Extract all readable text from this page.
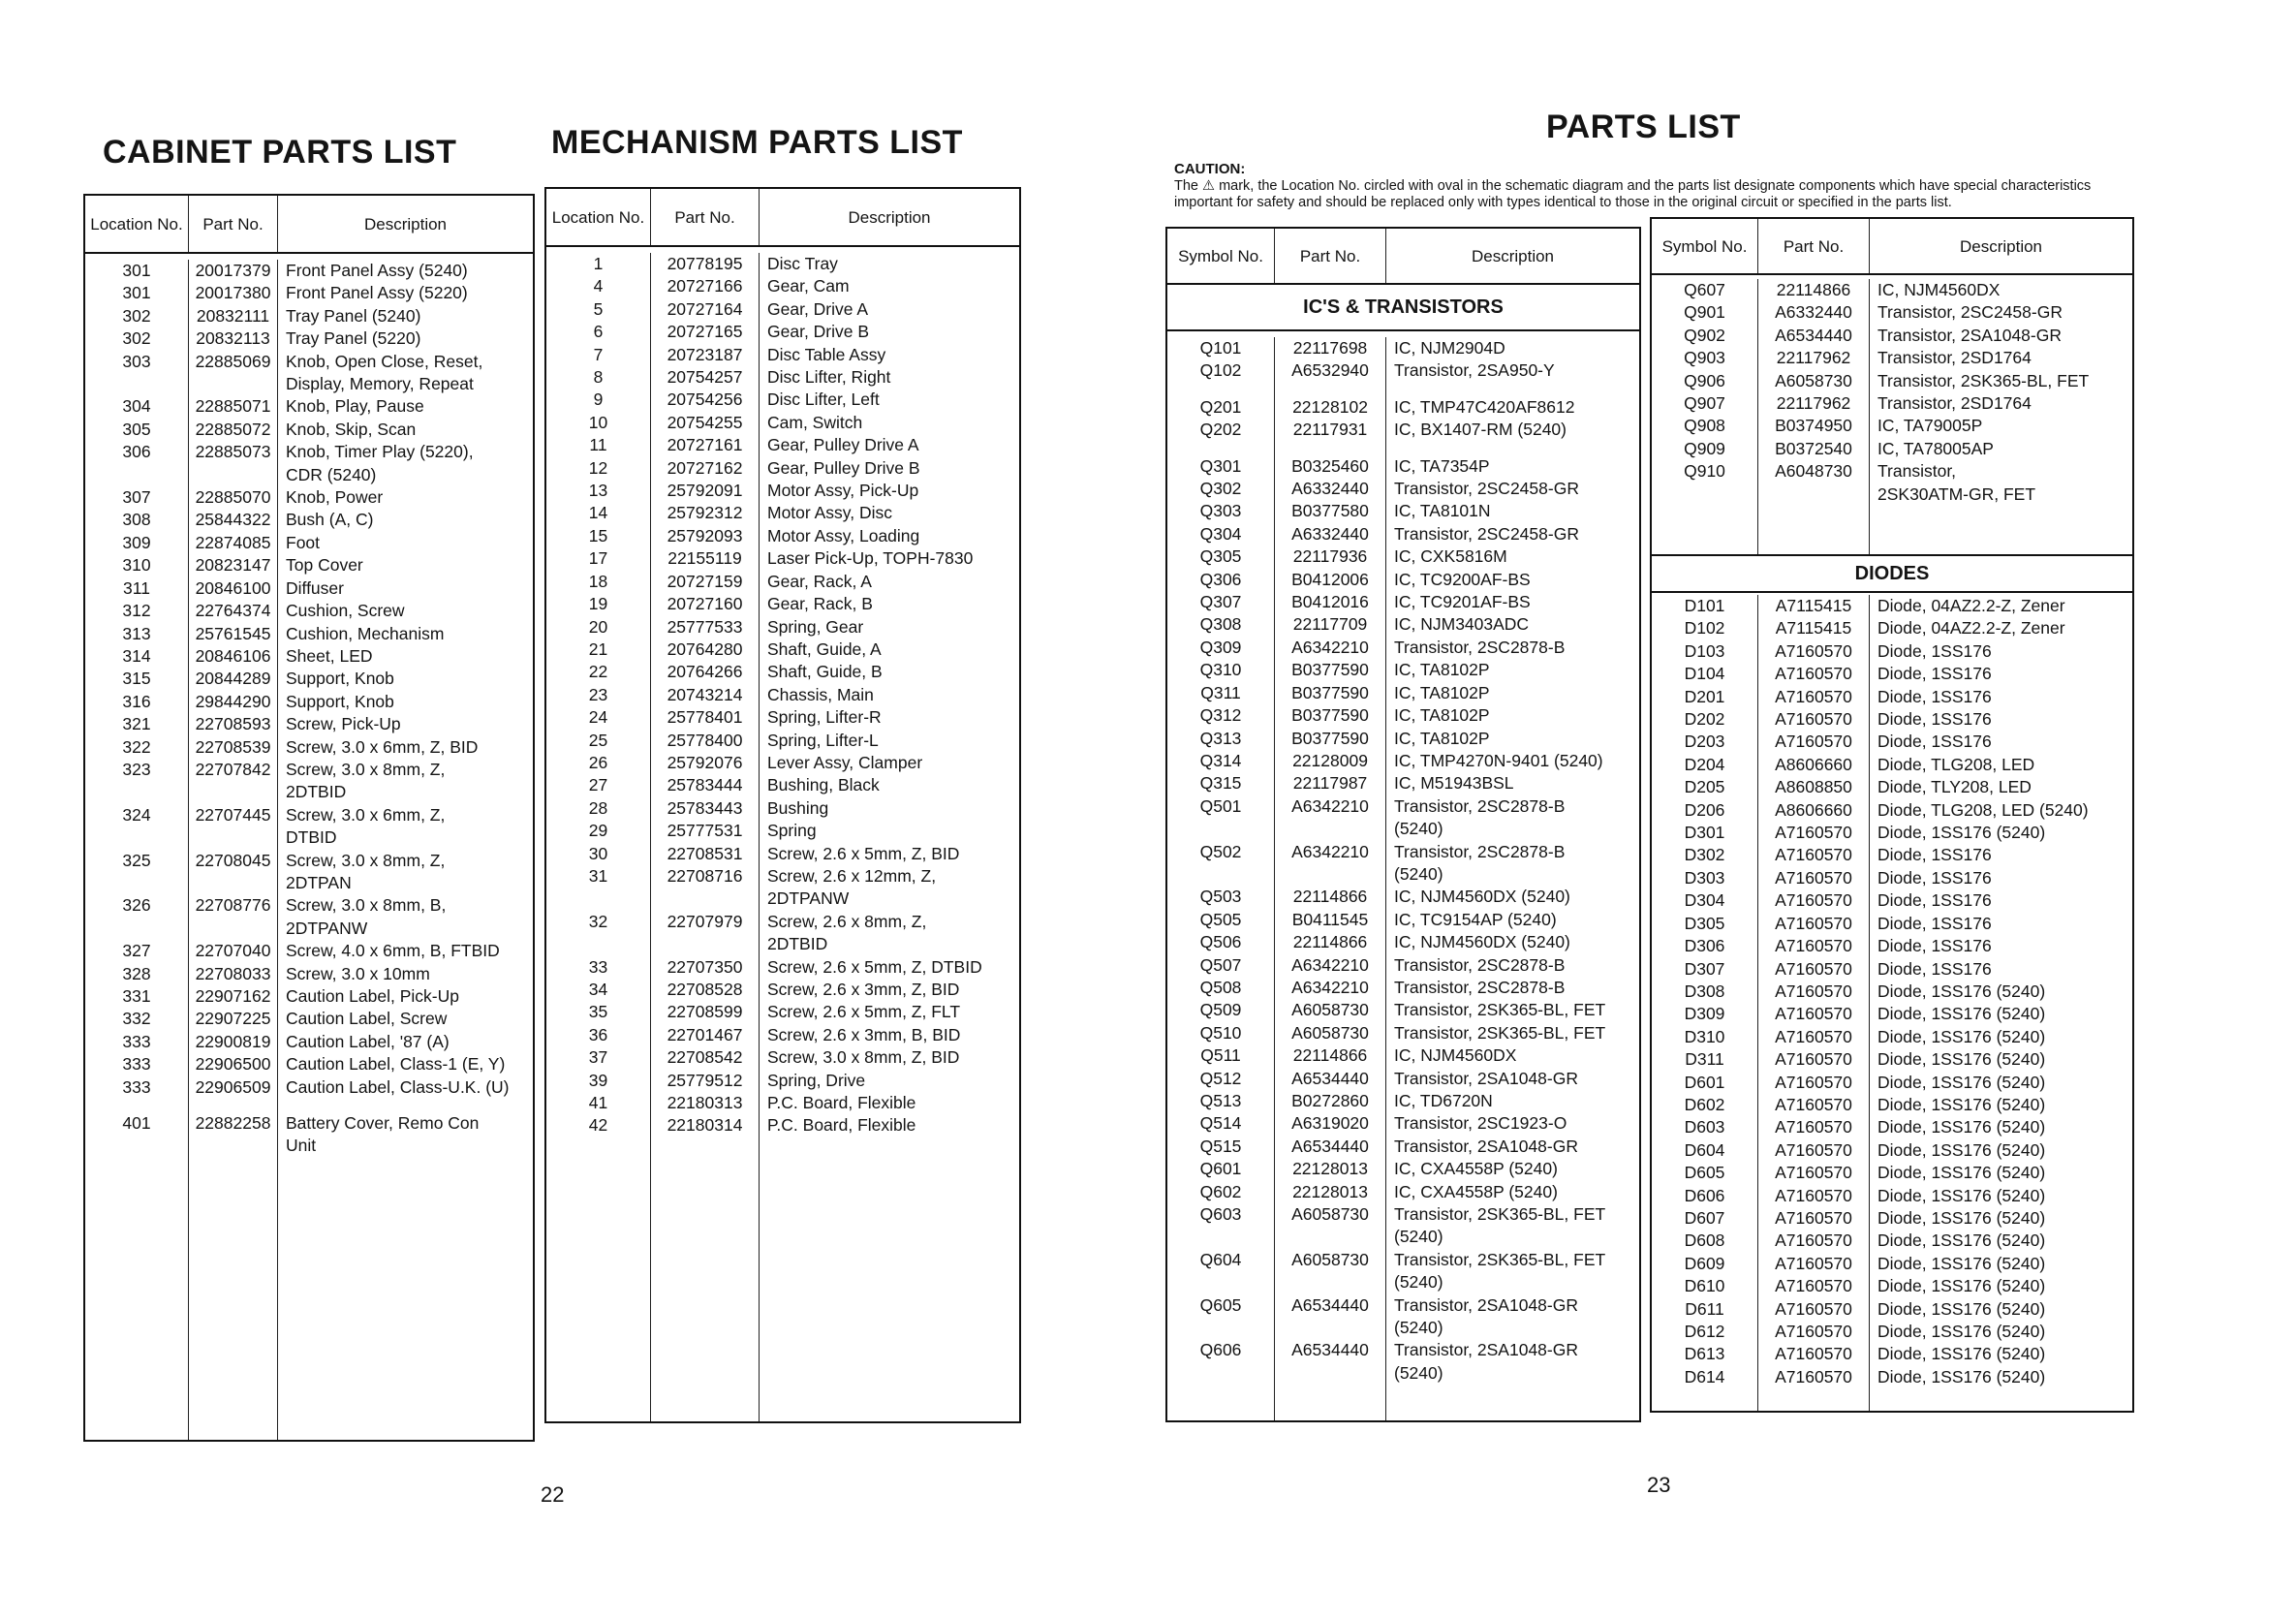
CABINET PARTS LIST	MECHANISM PARTS LIST	PARTS LIST
CAUTION:
The ⚠ mark, the Location No. circled with oval in the schematic diagram and the parts list designate components which have special characteristics important for safety and should be replaced only with types identical to those in the original circuit or specified in the parts list.
Location No.	Part No.	Description
301	20017379 Front Panel Assy (5240)
301	20017380 Front Panel Assy (5220)
302	20832111 Tray Panel (5240)
302	20832113 Tray Panel (5220)
303	22885069 Knob, Open Close, Reset,
Display, Memory, Repeat
304	22885071 Knob, Play, Pause
305	22885072 Knob, Skip, Scan
306	22885073 Knob, Timer Play (5220),
CDR (5240)
307	22885070 Knob, Power
308	25844322 Bush (A, C)
309	22874085 Foot
310	20823147 Top Cover
311	20846100 Diffuser
312	22764374 Cushion, Screw
313	25761545 Cushion, Mechanism
314	20846106 Sheet, LED
315	20844289 Support, Knob
316	29844290 Support, Knob
321	22708593 Screw, Pick-Up
322	22708539 Screw, 3.0 x 6mm, Z, BID
323	22707842 Screw, 3.0 x 8mm, Z,
2DTBID
324	22707445 Screw, 3.0 x 6mm, Z,
DTBID
325	22708045 Screw, 3.0 x 8mm, Z,
2DTPAN
326	22708776 Screw, 3.0 x 8mm, B,
2DTPANW
327	22707040 Screw, 4.0 x 6mm, B, FTBID
328	22708033 Screw, 3.0 x 10mm
331	22907162 Caution Label, Pick-Up
332	22907225 Caution Label, Screw
333	22900819 Caution Label, '87 (A)
333	22906500 Caution Label, Class-1 (E, Y)
333	22906509 Caution Label, Class-U.K. (U)
401	22882258 Battery Cover, Remo Con
Unit
Location No.	Part No.	Description
1	20778195	Disc Tray
4	20727166	Gear, Cam
5	20727164	Gear, Drive A
6	20727165	Gear, Drive B
7	20723187	Disc Table Assy
8	20754257	Disc Lifter, Right
9	20754256	Disc Lifter, Left
10	20754255	Cam, Switch
11	20727161	Gear, Pulley Drive A
12	20727162	Gear, Pulley Drive B
13	25792091	Motor Assy, Pick-Up
14	25792312	Motor Assy, Disc
15	25792093	Motor Assy, Loading
17	22155119	Laser Pick-Up, TOPH-7830
18	20727159	Gear, Rack, A
19	20727160	Gear, Rack, B
20	25777533	Spring, Gear
21	20764280	Shaft, Guide, A
22	20764266	Shaft, Guide, B
23	20743214	Chassis, Main
24	25778401	Spring, Lifter-R
25	25778400	Spring, Lifter-L
26	25792076	Lever Assy, Clamper
27	25783444	Bushing, Black
28	25783443	Bushing
29	25777531	Spring
30	22708531	Screw, 2.6 x 5mm, Z, BID
31	22708716	Screw, 2.6 x 12mm, Z,
2DTPANW
32	22707979	Screw, 2.6 x 8mm, Z,
2DTBID
33	22707350	Screw, 2.6 x 5mm, Z, DTBID
34	22708528	Screw, 2.6 x 3mm, Z, BID
35	22708599	Screw, 2.6 x 5mm, Z, FLT
36	22701467	Screw, 2.6 x 3mm, B, BID
37	22708542	Screw, 3.0 x 8mm, Z, BID
39	25779512	Spring, Drive
41	22180313	P.C. Board, Flexible
42	22180314	P.C. Board, Flexible
Symbol No.	Part No.	Description
IC'S & TRANSISTORS
Q101	22117698	IC, NJM2904D
Q102	A6532940	Transistor, 2SA950-Y
Q201	22128102	IC, TMP47C420AF8612
Q202	22117931	IC, BX1407-RM (5240)
Q301	B0325460	IC, TA7354P
Q302	A6332440	Transistor, 2SC2458-GR
Q303	B0377580	IC, TA8101N
Q304	A6332440	Transistor, 2SC2458-GR
Q305	22117936	IC, CXK5816M
Q306	B0412006	IC, TC9200AF-BS
Q307	B0412016	IC, TC9201AF-BS
Q308	22117709	IC, NJM3403ADC
Q309	A6342210	Transistor, 2SC2878-B
Q310	B0377590	IC, TA8102P
Q311	B0377590	IC, TA8102P
Q312	B0377590	IC, TA8102P
Q313	B0377590	IC, TA8102P
Q314	22128009	IC, TMP4270N-9401 (5240)
Q315	22117987	IC, M51943BSL
Q501	A6342210	Transistor, 2SC2878-B
(5240)
Q502	A6342210	Transistor, 2SC2878-B
(5240)
Q503	22114866	IC, NJM4560DX (5240)
Q505	B0411545	IC, TC9154AP (5240)
Q506	22114866	IC, NJM4560DX (5240)
Q507	A6342210	Transistor, 2SC2878-B
Q508	A6342210	Transistor, 2SC2878-B
Q509	A6058730	Transistor, 2SK365-BL, FET
Q510	A6058730	Transistor, 2SK365-BL, FET
Q511	22114866	IC, NJM4560DX
Q512	A6534440	Transistor, 2SA1048-GR
Q513	B0272860	IC, TD6720N
Q514	A6319020	Transistor, 2SC1923-O
Q515	A6534440	Transistor, 2SA1048-GR
Q601	22128013	IC, CXA4558P (5240)
Q602	22128013	IC, CXA4558P (5240)
Q603	A6058730	Transistor, 2SK365-BL, FET
(5240)
Q604	A6058730	Transistor, 2SK365-BL, FET
(5240)
Q605	A6534440	Transistor, 2SA1048-GR
(5240)
Q606	A6534440	Transistor, 2SA1048-GR
(5240)
Symbol No.	Part No.	Description
Q607	22114866	IC, NJM4560DX
Q901	A6332440	Transistor, 2SC2458-GR
Q902	A6534440	Transistor, 2SA1048-GR
Q903	22117962	Transistor, 2SD1764
Q906	A6058730	Transistor, 2SK365-BL, FET
Q907	22117962	Transistor, 2SD1764
Q908	B0374950	IC, TA79005P
Q909	B0372540	IC, TA78005AP
Q910	A6048730	Transistor,
2SK30ATM-GR, FET
DIODES
D101	A7115415	Diode, 04AZ2.2-Z, Zener
D102	A7115415	Diode, 04AZ2.2-Z, Zener
D103	A7160570	Diode, 1SS176
D104	A7160570	Diode, 1SS176
D201	A7160570	Diode, 1SS176
D202	A7160570	Diode, 1SS176
D203	A7160570	Diode, 1SS176
D204	A8606660	Diode, TLG208, LED
D205	A8608850	Diode, TLY208, LED
D206	A8606660	Diode, TLG208, LED (5240)
D301	A7160570	Diode, 1SS176 (5240)
D302	A7160570	Diode, 1SS176
D303	A7160570	Diode, 1SS176
D304	A7160570	Diode, 1SS176
D305	A7160570	Diode, 1SS176
D306	A7160570	Diode, 1SS176
D307	A7160570	Diode, 1SS176
D308	A7160570	Diode, 1SS176 (5240)
D309	A7160570	Diode, 1SS176 (5240)
D310	A7160570	Diode, 1SS176 (5240)
D311	A7160570	Diode, 1SS176 (5240)
D601	A7160570	Diode, 1SS176 (5240)
D602	A7160570	Diode, 1SS176 (5240)
D603	A7160570	Diode, 1SS176 (5240)
D604	A7160570	Diode, 1SS176 (5240)
D605	A7160570	Diode, 1SS176 (5240)
D606	A7160570	Diode, 1SS176 (5240)
D607	A7160570	Diode, 1SS176 (5240)
D608	A7160570	Diode, 1SS176 (5240)
D609	A7160570	Diode, 1SS176 (5240)
D610	A7160570	Diode, 1SS176 (5240)
D611	A7160570	Diode, 1SS176 (5240)
D612	A7160570	Diode, 1SS176 (5240)
D613	A7160570	Diode, 1SS176 (5240)
D614	A7160570	Diode, 1SS176 (5240)
22	23
